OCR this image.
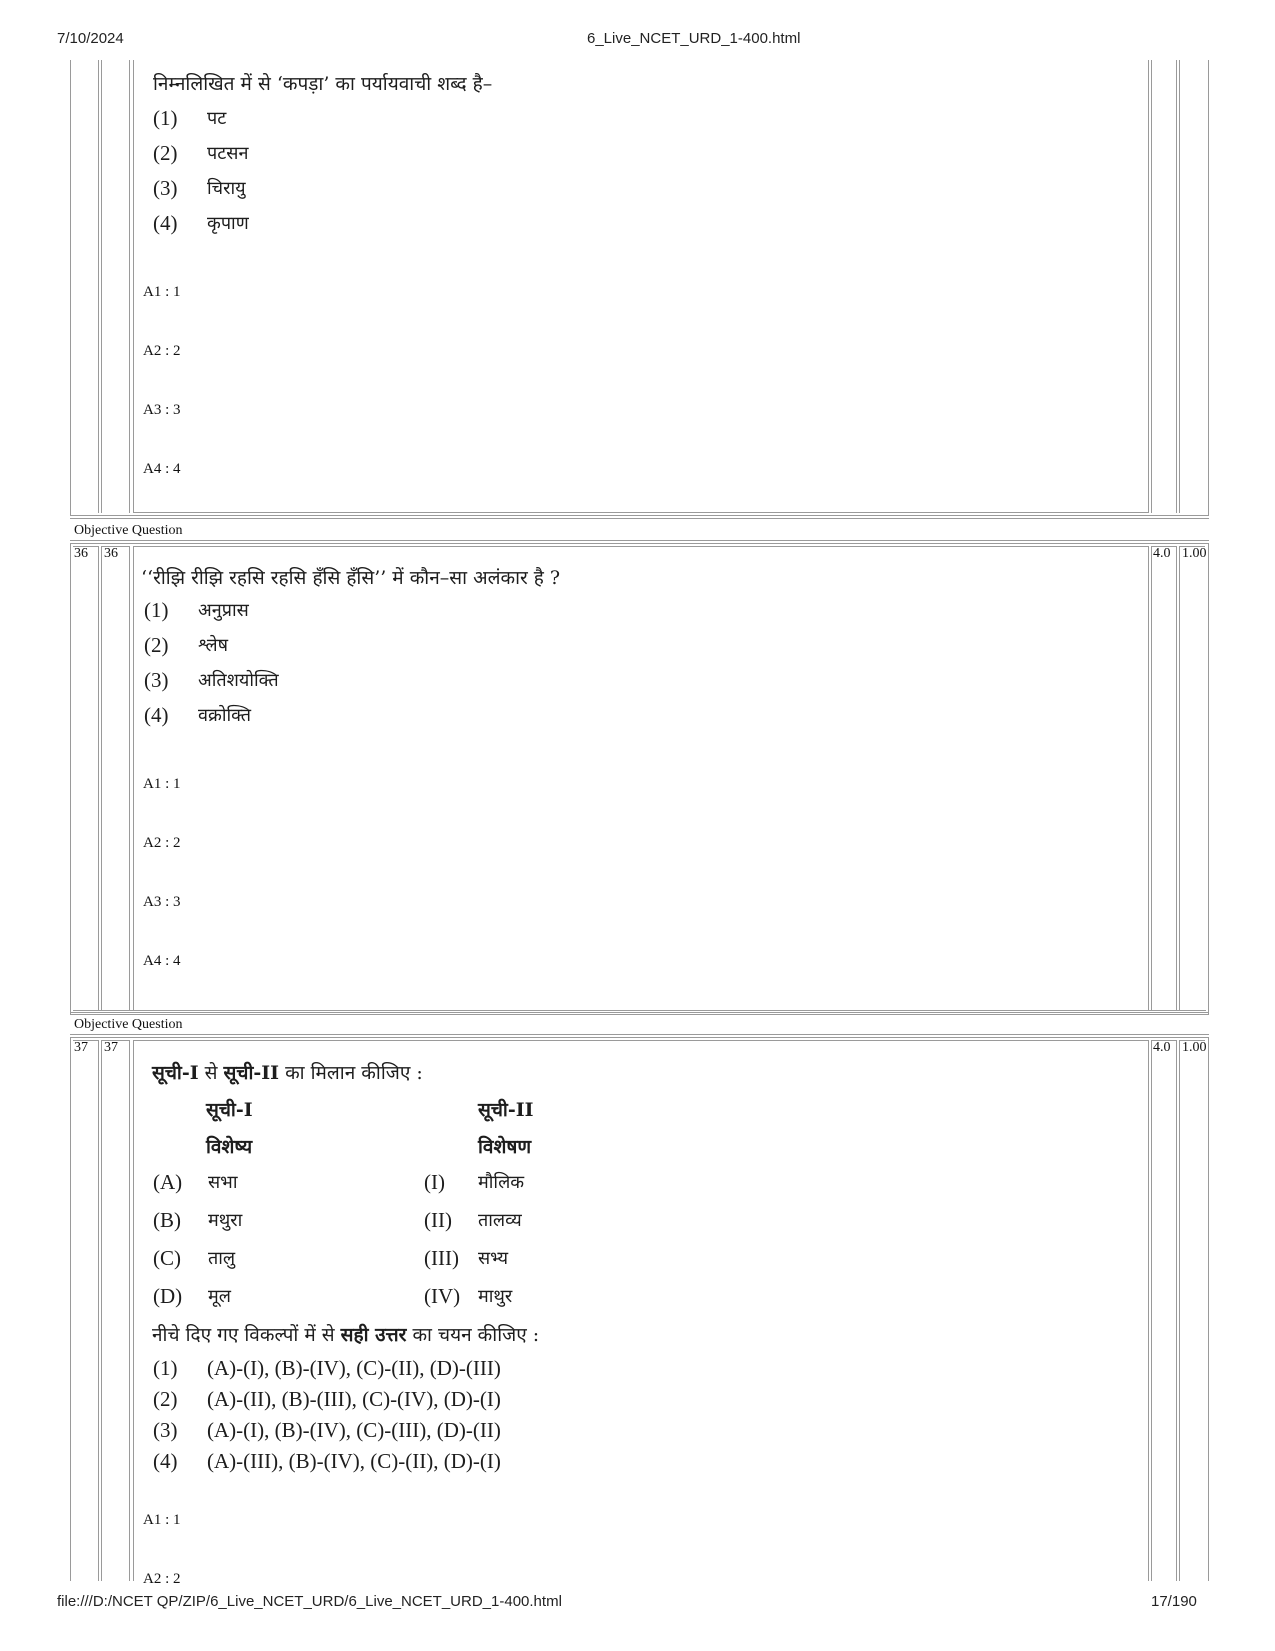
7/10/2024	6_Live_NCET_URD_1-400.html
file:///D:/NCET QP/ZIP/6_Live_NCET_URD/6_Live_NCET_URD_1-400.html	17/190
निम्नलिखित में से ‘कपड़ा’ का पर्यायवाची शब्द है–
(1) पट
(2) पटसन
(3) चिरायु
(4) कृपाण
A1 : 1
A2 : 2
A3 : 3
A4 : 4
Objective Question
36 36	4.0 1.00
‘‘रीझि रीझि रहसि रहसि हँसि हँसि’’ में कौन–सा अलंकार है ?
(1) अनुप्रास
(2) श्लेष
(3) अतिशयोक्ति
(4) वक्रोक्ति
A1 : 1
A2 : 2
A3 : 3
A4 : 4
Objective Question
37 37	4.0 1.00
सूची-I से सूची-II का मिलान कीजिए :
सूची-I	सूची-II
विशेष्य	विशेषण
(A) सभा	(I) मौलिक
(B) मथुरा	(II) तालव्य
(C) तालु	(III) सभ्य
(D) मूल	(IV) माथुर
नीचे दिए गए विकल्पों में से सही उत्तर का चयन कीजिए :
(1) (A)-(I), (B)-(IV), (C)-(II), (D)-(III)
(2) (A)-(II), (B)-(III), (C)-(IV), (D)-(I)
(3) (A)-(I), (B)-(IV), (C)-(III), (D)-(II)
(4) (A)-(III), (B)-(IV), (C)-(II), (D)-(I)
A1 : 1
A2 : 2
